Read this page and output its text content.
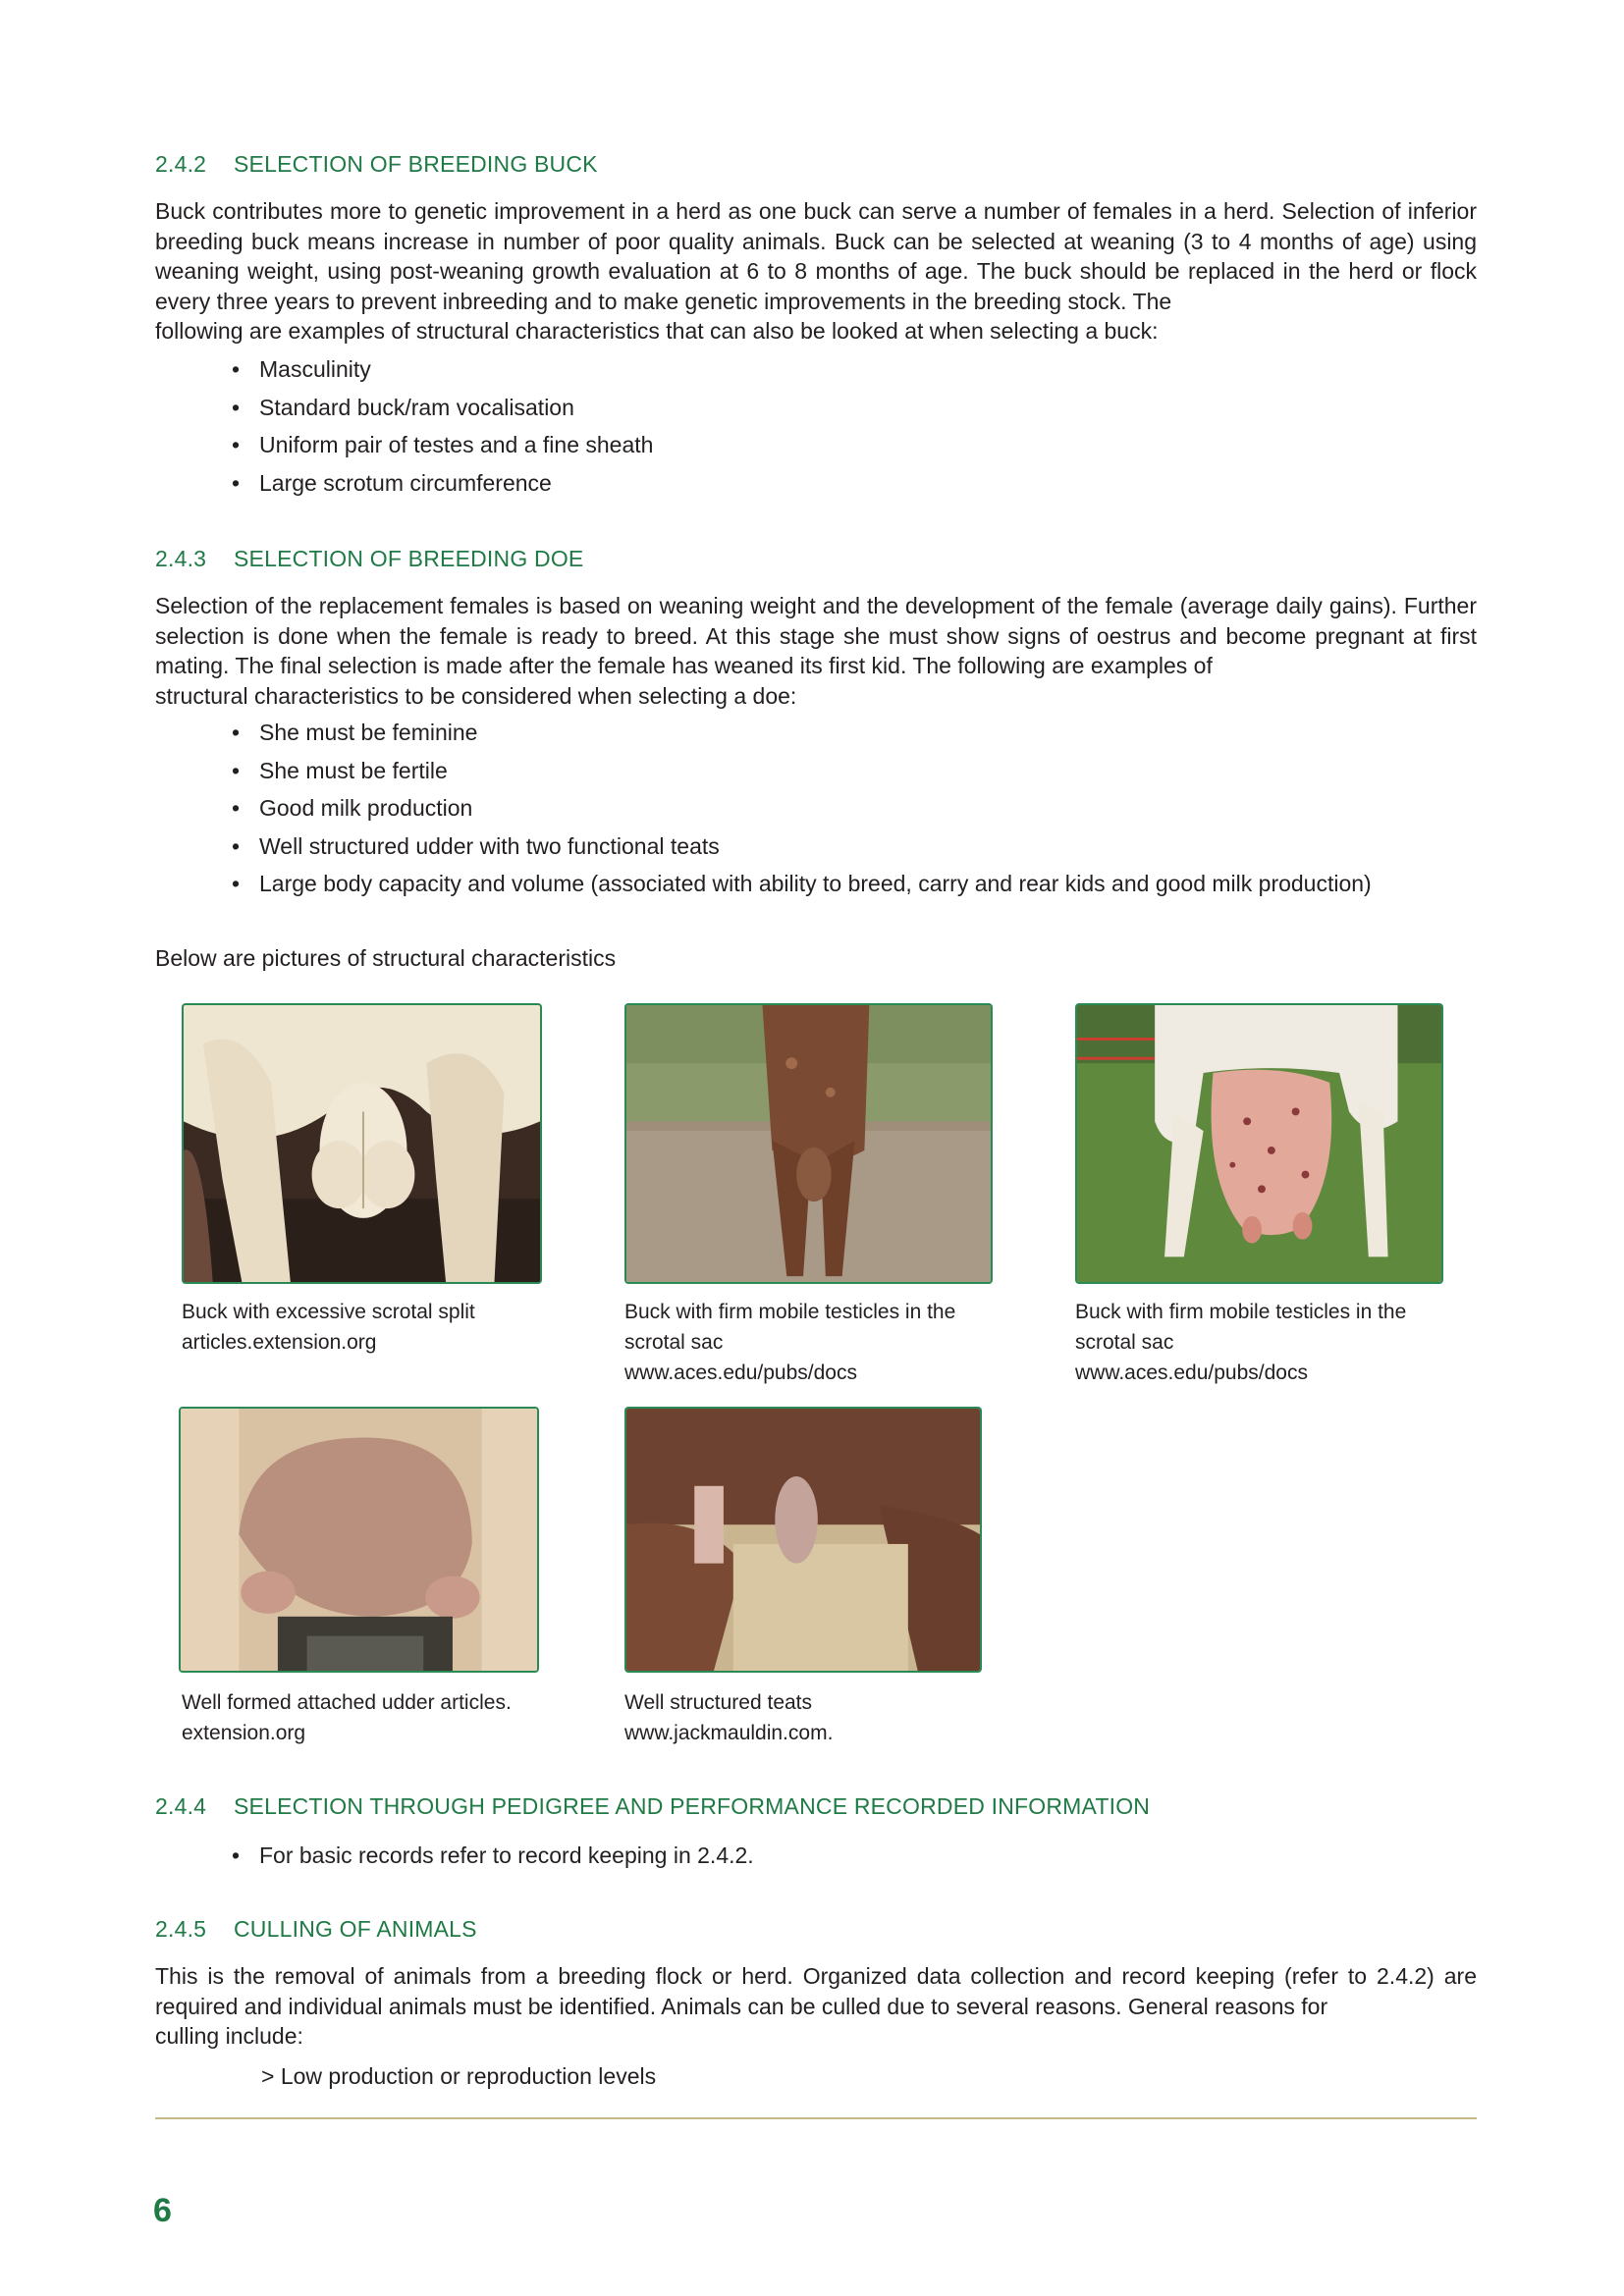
2.4.2 SELECTION OF BREEDING BUCK

Buck contributes more to genetic improvement in a herd as one buck can serve a number of females in a herd. Selection of inferior breeding buck means increase in number of poor quality animals. Buck can be selected at weaning (3 to 4 months of age) using weaning weight, using post-weaning growth evaluation at 6 to 8 months of age. The buck should be replaced in the herd or flock every three years to prevent inbreeding and to make genetic improvements in the breeding stock. The
following are examples of structural characteristics that can also be looked at when selecting a buck:

• Masculinity
• Standard buck/ram vocalisation
• Uniform pair of testes and a fine sheath
• Large scrotum circumference
2.4.3 SELECTION OF BREEDING DOE

Selection of the replacement females is based on weaning weight and the development of the female (average daily gains). Further selection is done when the female is ready to breed. At this stage she must show signs of oestrus and become pregnant at first mating. The final selection is made after the female has weaned its first kid. The following are examples of
structural characteristics to be considered when selecting a doe:

• She must be feminine
• She must be fertile
• Good milk production
• Well structured udder with two functional teats
• Large body capacity and volume (associated with ability to breed, carry and rear kids and good milk production)
Below are pictures of structural characteristics
Buck with excessive scrotal split
articles.extension.org
Buck with firm mobile testicles in the
scrotal sac
www.aces.edu/pubs/docs
Buck with firm mobile testicles in the
scrotal sac
www.aces.edu/pubs/docs
Well formed attached udder articles.
extension.org
Well structured teats
www.jackmauldin.com.
2.4.4 SELECTION THROUGH PEDIGREE AND PERFORMANCE RECORDED INFORMATION
• For basic records refer to record keeping in 2.4.2.
2.4.5 CULLING OF ANIMALS

This is the removal of animals from a breeding flock or herd. Organized data collection and record keeping (refer to 2.4.2) are required and individual animals must be identified. Animals can be culled due to several reasons. General reasons for
culling include:

> Low production or reproduction levels
6
